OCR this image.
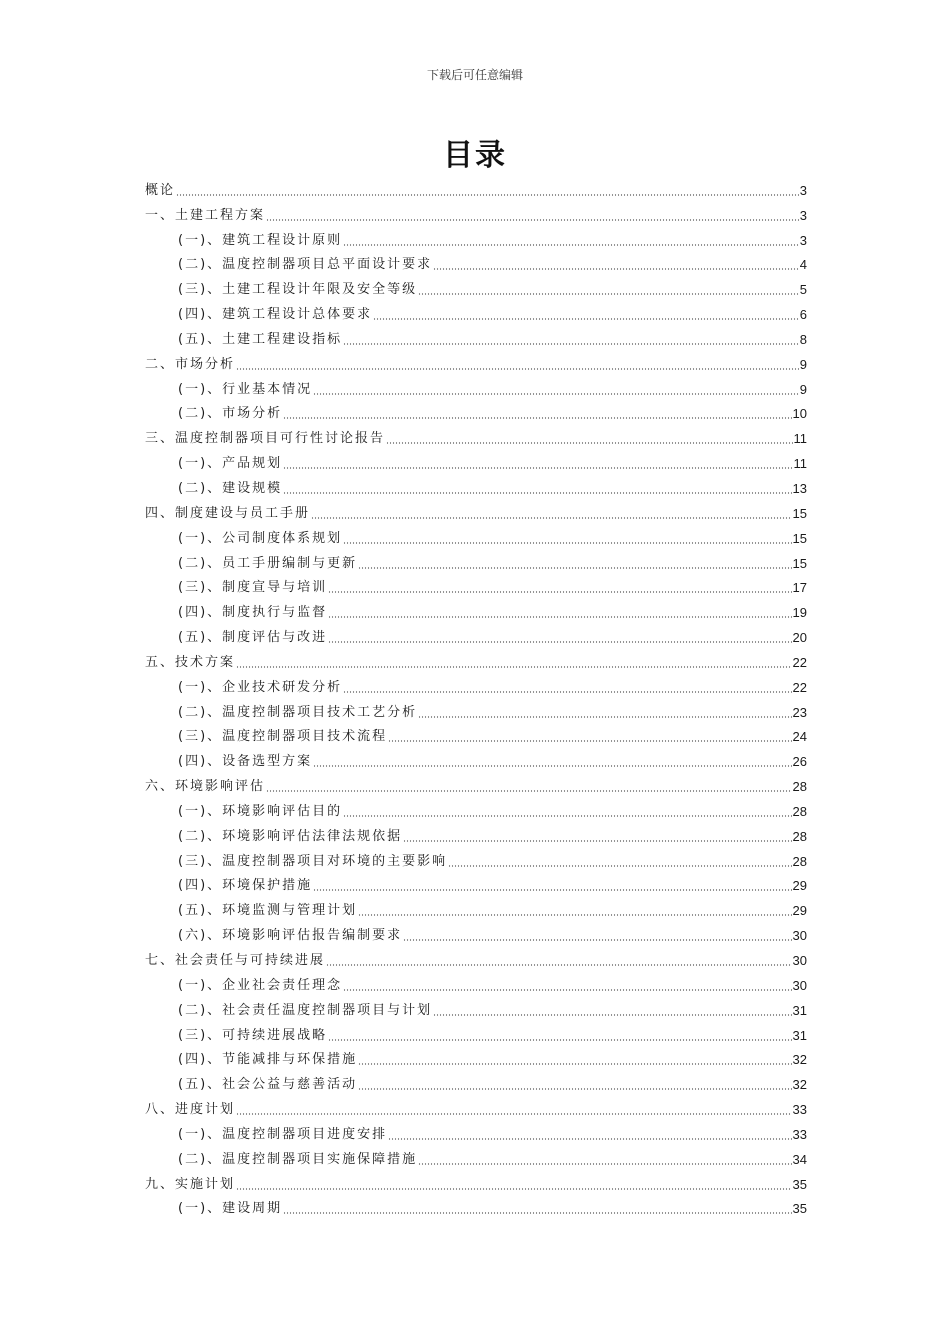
下载后可任意编辑
目录
概论	3
一、土建工程方案	3
(一)、建筑工程设计原则	3
(二)、温度控制器项目总平面设计要求	4
(三)、土建工程设计年限及安全等级	5
(四)、建筑工程设计总体要求	6
(五)、土建工程建设指标	8
二、市场分析	9
(一)、行业基本情况	9
(二)、市场分析	10
三、温度控制器项目可行性讨论报告	11
(一)、产品规划	11
(二)、建设规模	13
四、制度建设与员工手册	15
(一)、公司制度体系规划	15
(二)、员工手册编制与更新	15
(三)、制度宣导与培训	17
(四)、制度执行与监督	19
(五)、制度评估与改进	20
五、技术方案	22
(一)、企业技术研发分析	22
(二)、温度控制器项目技术工艺分析	23
(三)、温度控制器项目技术流程	24
(四)、设备选型方案	26
六、环境影响评估	28
(一)、环境影响评估目的	28
(二)、环境影响评估法律法规依据	28
(三)、温度控制器项目对环境的主要影响	28
(四)、环境保护措施	29
(五)、环境监测与管理计划	29
(六)、环境影响评估报告编制要求	30
七、社会责任与可持续进展	30
(一)、企业社会责任理念	30
(二)、社会责任温度控制器项目与计划	31
(三)、可持续进展战略	31
(四)、节能减排与环保措施	32
(五)、社会公益与慈善活动	32
八、进度计划	33
(一)、温度控制器项目进度安排	33
(二)、温度控制器项目实施保障措施	34
九、实施计划	35
(一)、建设周期	35
